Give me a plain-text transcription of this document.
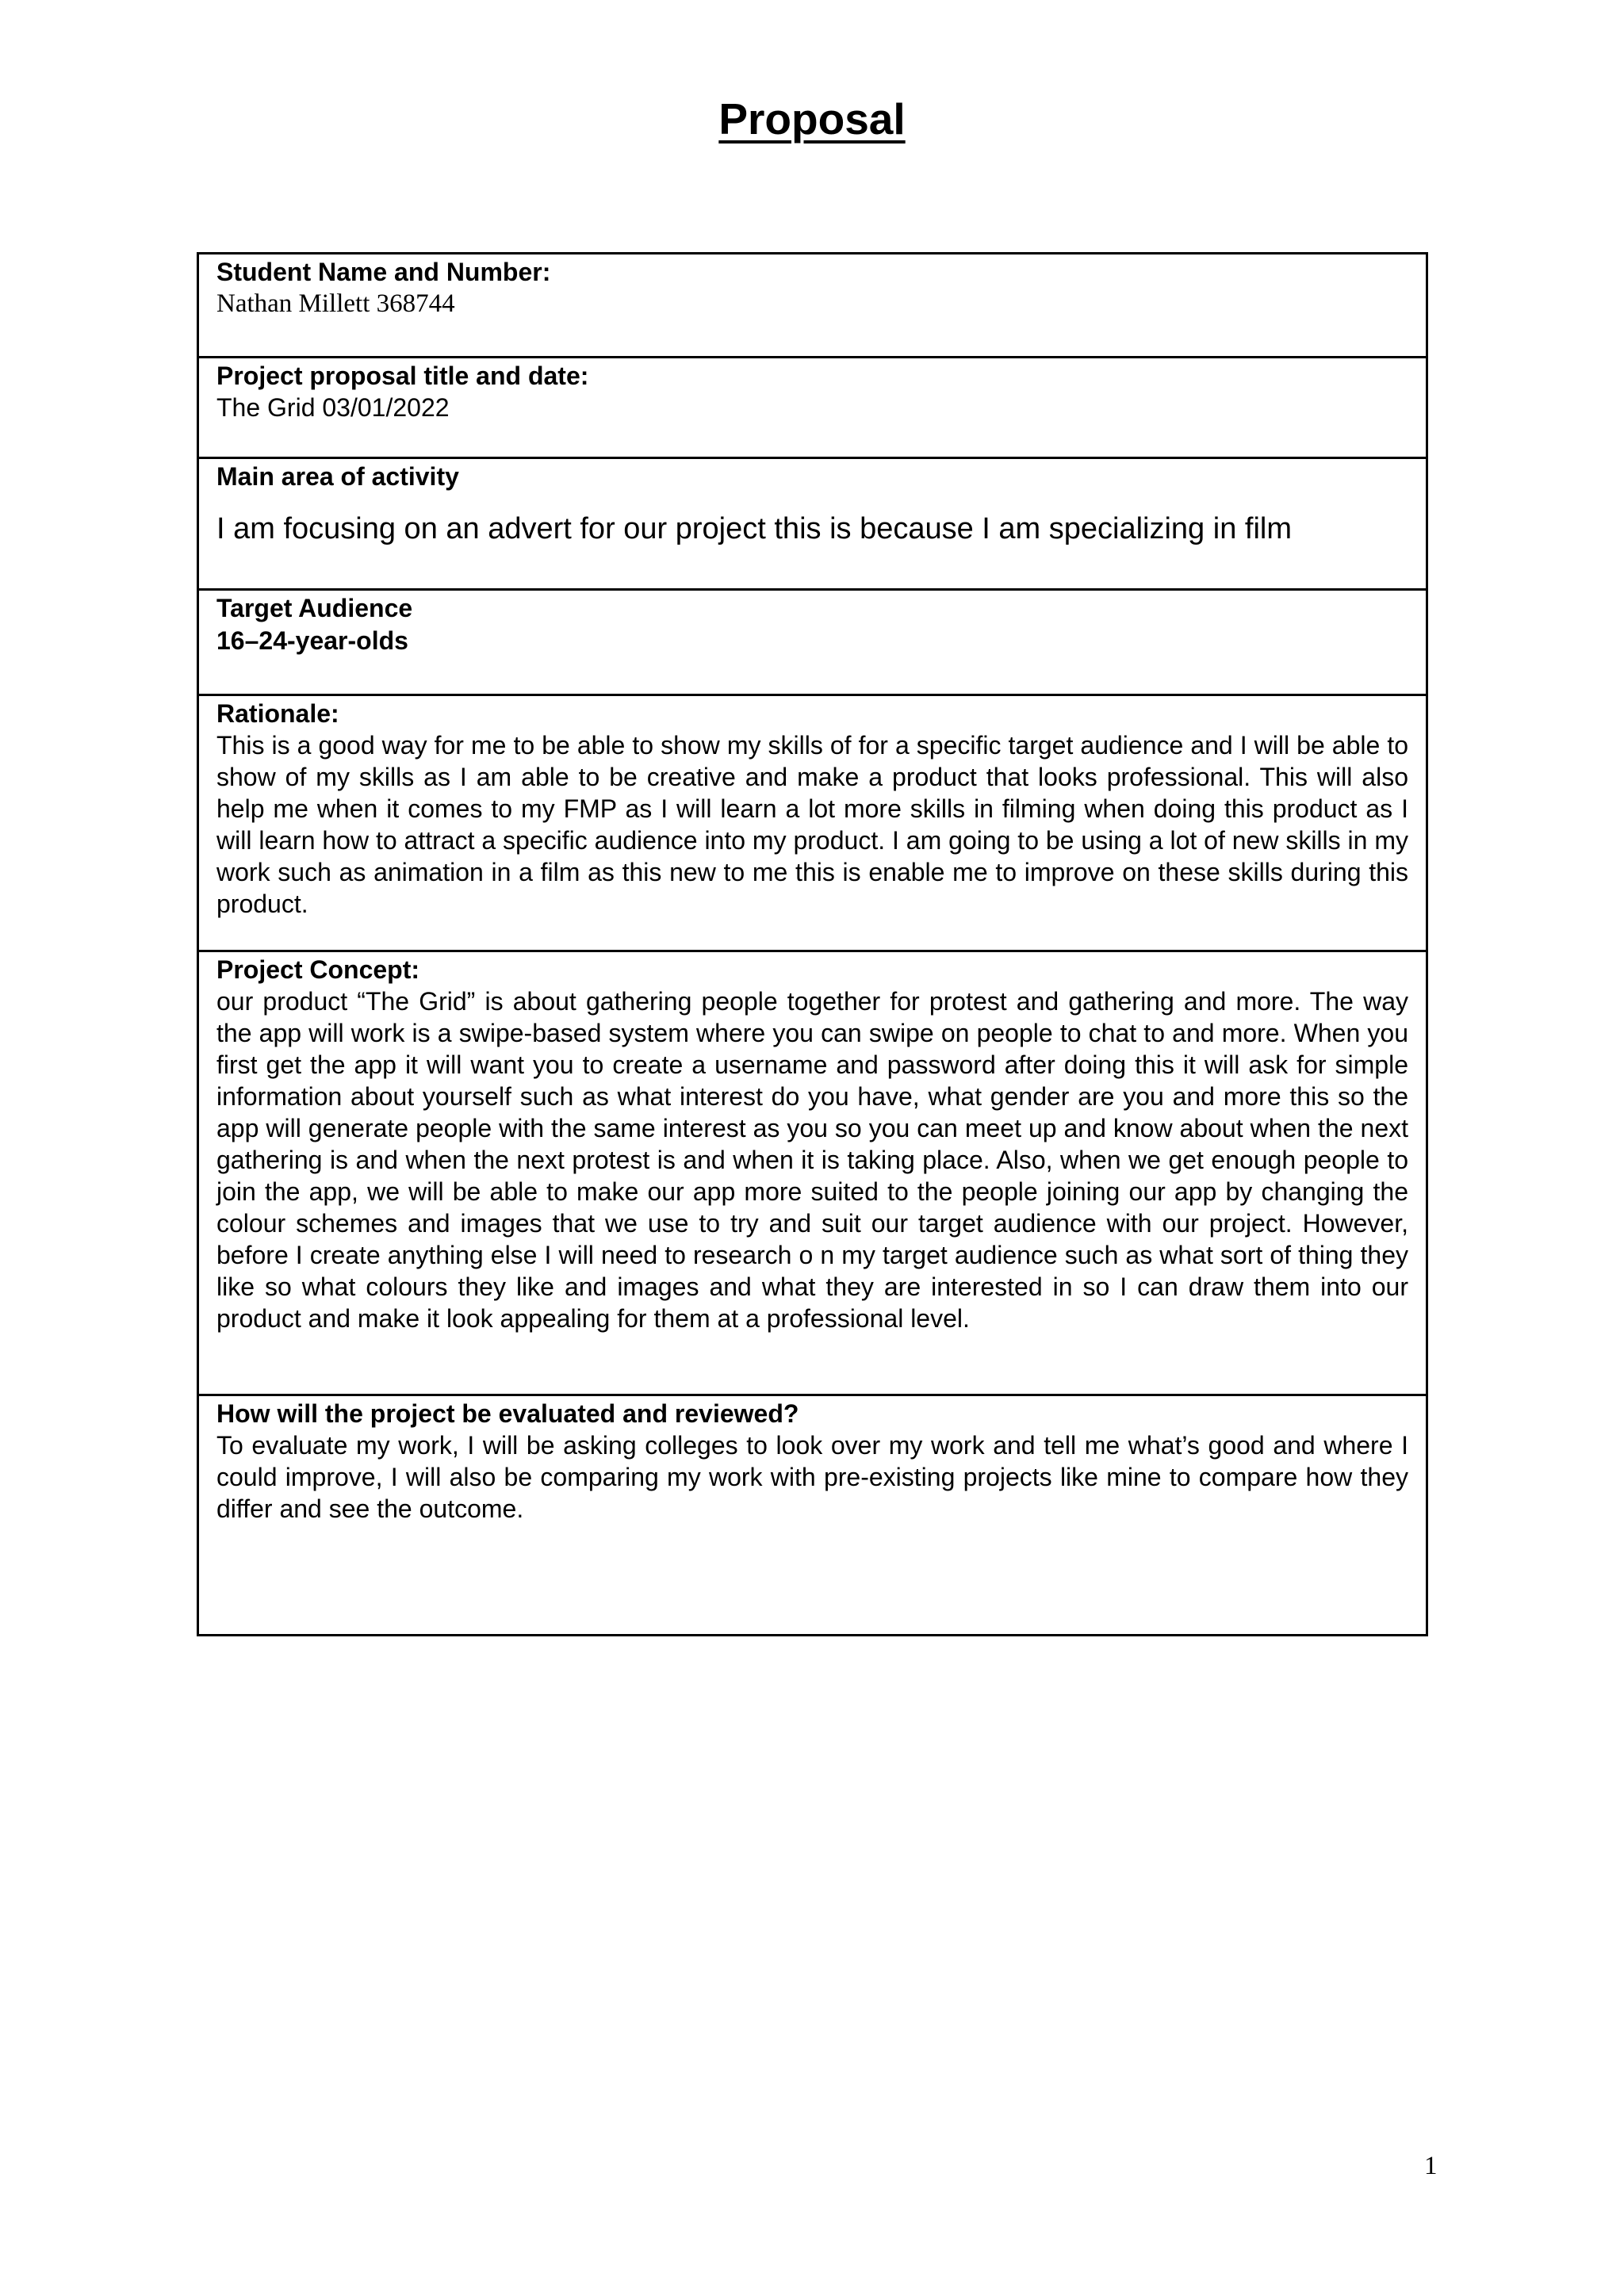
Proposal
Student Name and Number:
Nathan Millett 368744

Project proposal title and date:
The Grid 03/01/2022

Main area of activity
I am focusing on an advert for our project this is because I am specializing in film

Target Audience
16–24-year-olds

Rationale:
This is a good way for me to be able to show my skills of for a specific target audience and I will be able to show of my skills as I am able to be creative and make a product that looks professional. This will also help me when it comes to my FMP as I will learn a lot more skills in filming when doing this product as I will learn how to attract a specific audience into my product. I am going to be using a lot of new skills in my work such as animation in a film as this new to me this is enable me to improve on these skills during this product.

Project Concept:
our product “The Grid” is about gathering people together for protest and gathering and more. The way the app will work is a swipe-based system where you can swipe on people to chat to and more. When you first get the app it will want you to create a username and password after doing this it will ask for simple information about yourself such as what interest do you have, what gender are you and more this so the app will generate people with the same interest as you so you can meet up and know about when the next gathering is and when the next protest is and when it is taking place. Also, when we get enough people to join the app, we will be able to make our app more suited to the people joining our app by changing the colour schemes and images that we use to try and suit our target audience with our project. However, before I create anything else I will need to research o n my target audience such as what sort of thing they like so what colours they like and images and what they are interested in so I can draw them into our product and make it look appealing for them at a professional level.

How will the project be evaluated and reviewed?
To evaluate my work, I will be asking colleges to look over my work and tell me what’s good and where I could improve, I will also be comparing my work with pre-existing projects like mine to compare how they differ and see the outcome.
1
